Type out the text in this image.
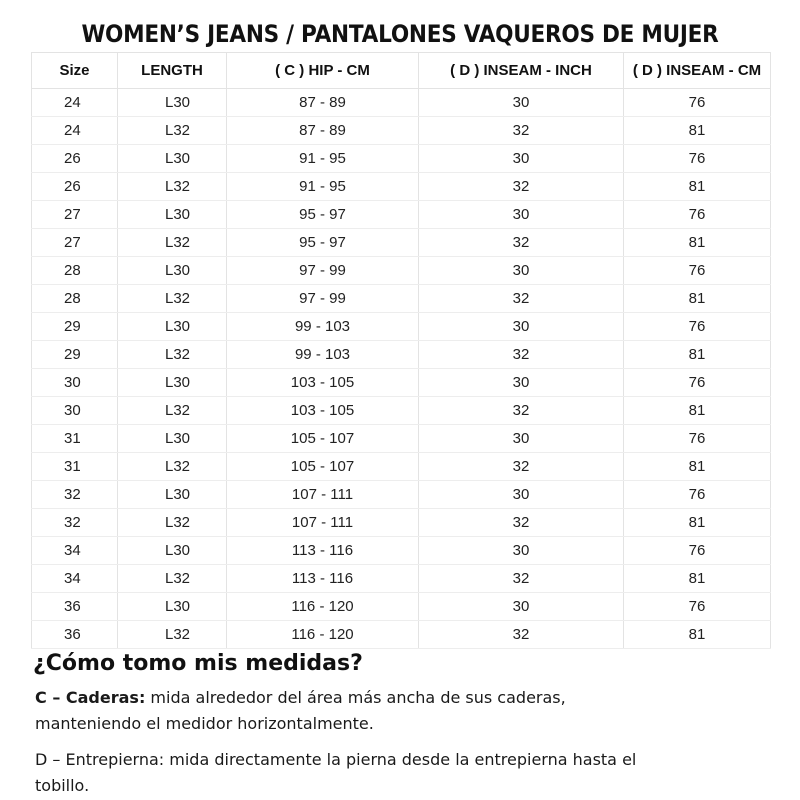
WOMEN’S JEANS / PANTALONES VAQUEROS DE MUJER
Size	LENGTH	( C ) HIP - CM	( D ) INSEAM - INCH	( D ) INSEAM - CM
24	L30	87 - 89	30	76
24	L32	87 - 89	32	81
26	L30	91 - 95	30	76
26	L32	91 - 95	32	81
27	L30	95 - 97	30	76
27	L32	95 - 97	32	81
28	L30	97 - 99	30	76
28	L32	97 - 99	32	81
29	L30	99 - 103	30	76
29	L32	99 - 103	32	81
30	L30	103 - 105	30	76
30	L32	103 - 105	32	81
31	L30	105 - 107	30	76
31	L32	105 - 107	32	81
32	L30	107 - 111	30	76
32	L32	107 - 111	32	81
34	L30	113 - 116	30	76
34	L32	113 - 116	32	81
36	L30	116 - 120	30	76
36	L32	116 - 120	32	81
¿Cómo tomo mis medidas?

C – Caderas: mida alrededor del área más ancha de sus caderas, manteniendo el medidor horizontalmente.

D – Entrepierna: mida directamente la pierna desde la entrepierna hasta el tobillo.
